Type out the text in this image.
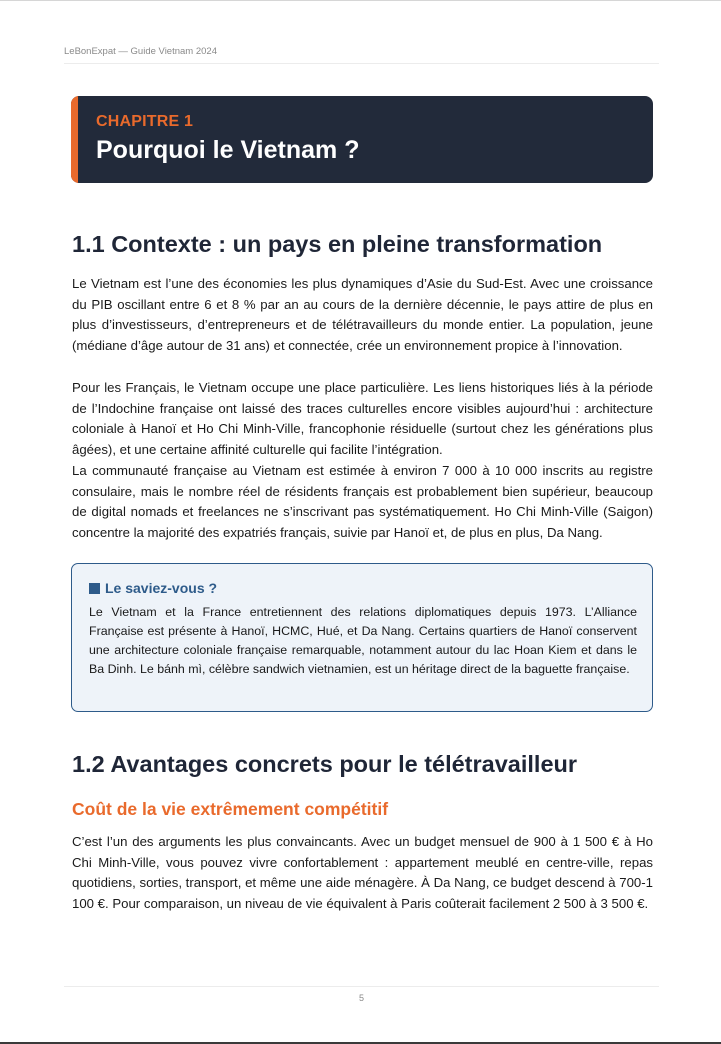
LeBonExpat — Guide Vietnam 2024
CHAPITRE 1
Pourquoi le Vietnam ?
1.1 Contexte : un pays en pleine transformation

Le Vietnam est l’une des économies les plus dynamiques d’Asie du Sud-Est. Avec une croissance du PIB oscillant entre 6 et 8 % par an au cours de la dernière décennie, le pays attire de plus en plus d’investisseurs, d’entrepreneurs et de télétravailleurs du monde entier. La population, jeune (médiane d’âge autour de 31 ans) et connectée, crée un environnement propice à l’innovation.

Pour les Français, le Vietnam occupe une place particulière. Les liens historiques liés à la période de l’Indochine française ont laissé des traces culturelles encore visibles aujourd’hui : architecture coloniale à Hanoï et Ho Chi Minh-Ville, francophonie résiduelle (surtout chez les générations plus âgées), et une certaine affinité culturelle qui facilite l’intégration.

La communauté française au Vietnam est estimée à environ 7 000 à 10 000 inscrits au registre consulaire, mais le nombre réel de résidents français est probablement bien supérieur, beaucoup de digital nomads et freelances ne s’inscrivant pas systématiquement. Ho Chi Minh-Ville (Saigon) concentre la majorité des expatriés français, suivie par Hanoï et, de plus en plus, Da Nang.

Le saviez-vous ?

Le Vietnam et la France entretiennent des relations diplomatiques depuis 1973. L’Alliance Française est présente à Hanoï, HCMC, Hué, et Da Nang. Certains quartiers de Hanoï conservent une architecture coloniale française remarquable, notamment autour du lac Hoan Kiem et dans le Ba Dinh. Le bánh mì, célèbre sandwich vietnamien, est un héritage direct de la baguette française.

1.2 Avantages concrets pour le télétravailleur
Coût de la vie extrêmement compétitif

C’est l’un des arguments les plus convaincants. Avec un budget mensuel de 900 à 1 500 € à Ho Chi Minh-Ville, vous pouvez vivre confortablement : appartement meublé en centre-ville, repas quotidiens, sorties, transport, et même une aide ménagère. À Da Nang, ce budget descend à 700-1 100 €. Pour comparaison, un niveau de vie équivalent à Paris coûterait facilement 2 500 à 3 500 €.

5
